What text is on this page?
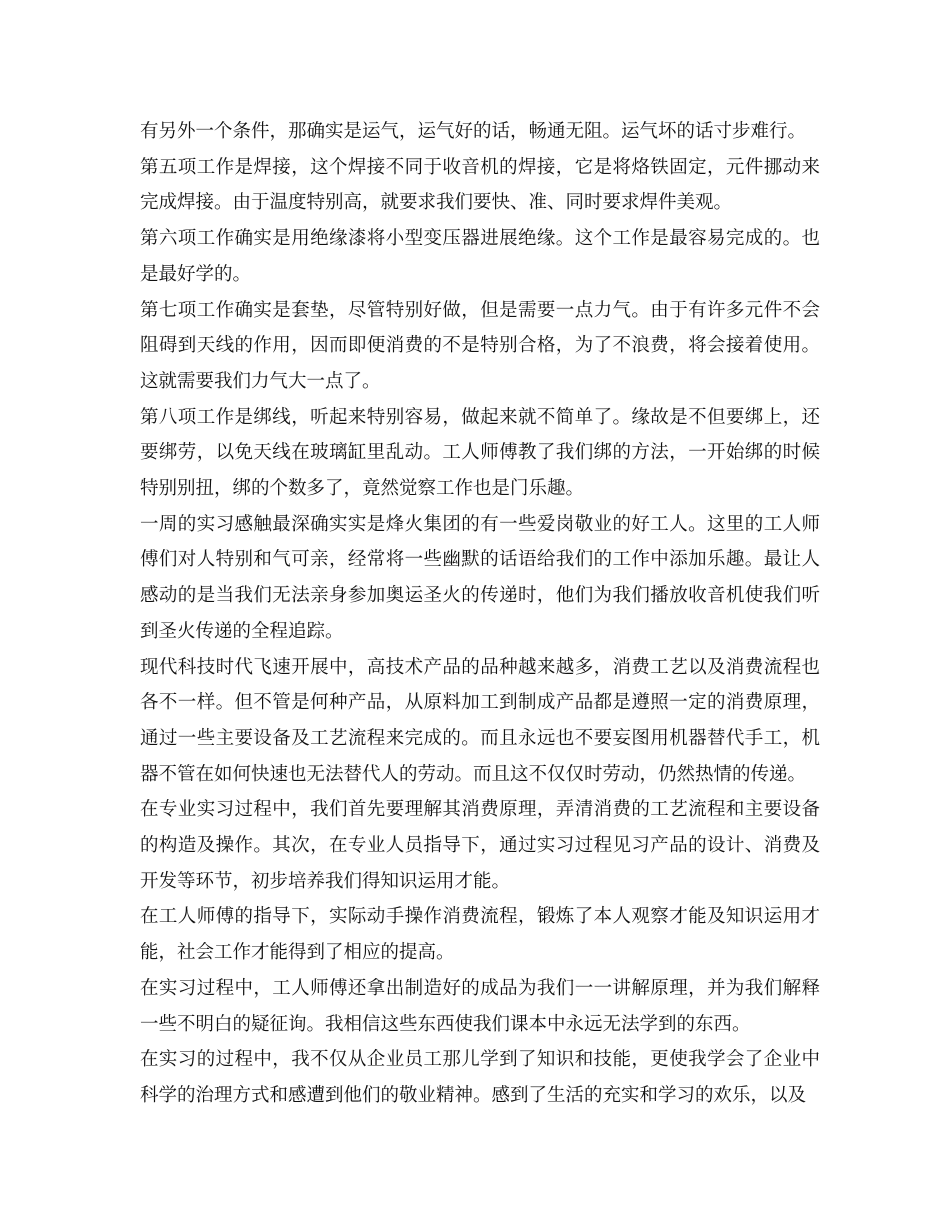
有另外一个条件，那确实是运气，运气好的话，畅通无阻。运气坏的话寸步难行。

第五项工作是焊接，这个焊接不同于收音机的焊接，它是将烙铁固定，元件挪动来完成焊接。由于温度特别高，就要求我们要快、准、同时要求焊件美观。

第六项工作确实是用绝缘漆将小型变压器进展绝缘。这个工作是最容易完成的。也是最好学的。

第七项工作确实是套垫，尽管特别好做，但是需要一点力气。由于有许多元件不会阻碍到天线的作用，因而即便消费的不是特别合格，为了不浪费，将会接着使用。这就需要我们力气大一点了。

第八项工作是绑线，听起来特别容易，做起来就不简单了。缘故是不但要绑上，还要绑劳，以免天线在玻璃缸里乱动。工人师傅教了我们绑的方法，一开始绑的时候特别别扭，绑的个数多了，竟然觉察工作也是门乐趣。

一周的实习感触最深确实实是烽火集团的有一些爱岗敬业的好工人。这里的工人师傅们对人特别和气可亲，经常将一些幽默的话语给我们的工作中添加乐趣。最让人感动的是当我们无法亲身参加奥运圣火的传递时，他们为我们播放收音机使我们听到圣火传递的全程追踪。

现代科技时代飞速开展中，高技术产品的品种越来越多，消费工艺以及消费流程也各不一样。但不管是何种产品，从原料加工到制成产品都是遵照一定的消费原理，通过一些主要设备及工艺流程来完成的。而且永远也不要妄图用机器替代手工，机器不管在如何快速也无法替代人的劳动。而且这不仅仅时劳动，仍然热情的传递。

在专业实习过程中，我们首先要理解其消费原理，弄清消费的工艺流程和主要设备的构造及操作。其次，在专业人员指导下，通过实习过程见习产品的设计、消费及开发等环节，初步培养我们得知识运用才能。

在工人师傅的指导下，实际动手操作消费流程，锻炼了本人观察才能及知识运用才能，社会工作才能得到了相应的提高。

在实习过程中，工人师傅还拿出制造好的成品为我们一一讲解原理，并为我们解释一些不明白的疑征询。我相信这些东西使我们课本中永远无法学到的东西。

在实习的过程中，我不仅从企业员工那儿学到了知识和技能，更使我学会了企业中科学的治理方式和感遭到他们的敬业精神。感到了生活的充实和学习的欢乐，以及
